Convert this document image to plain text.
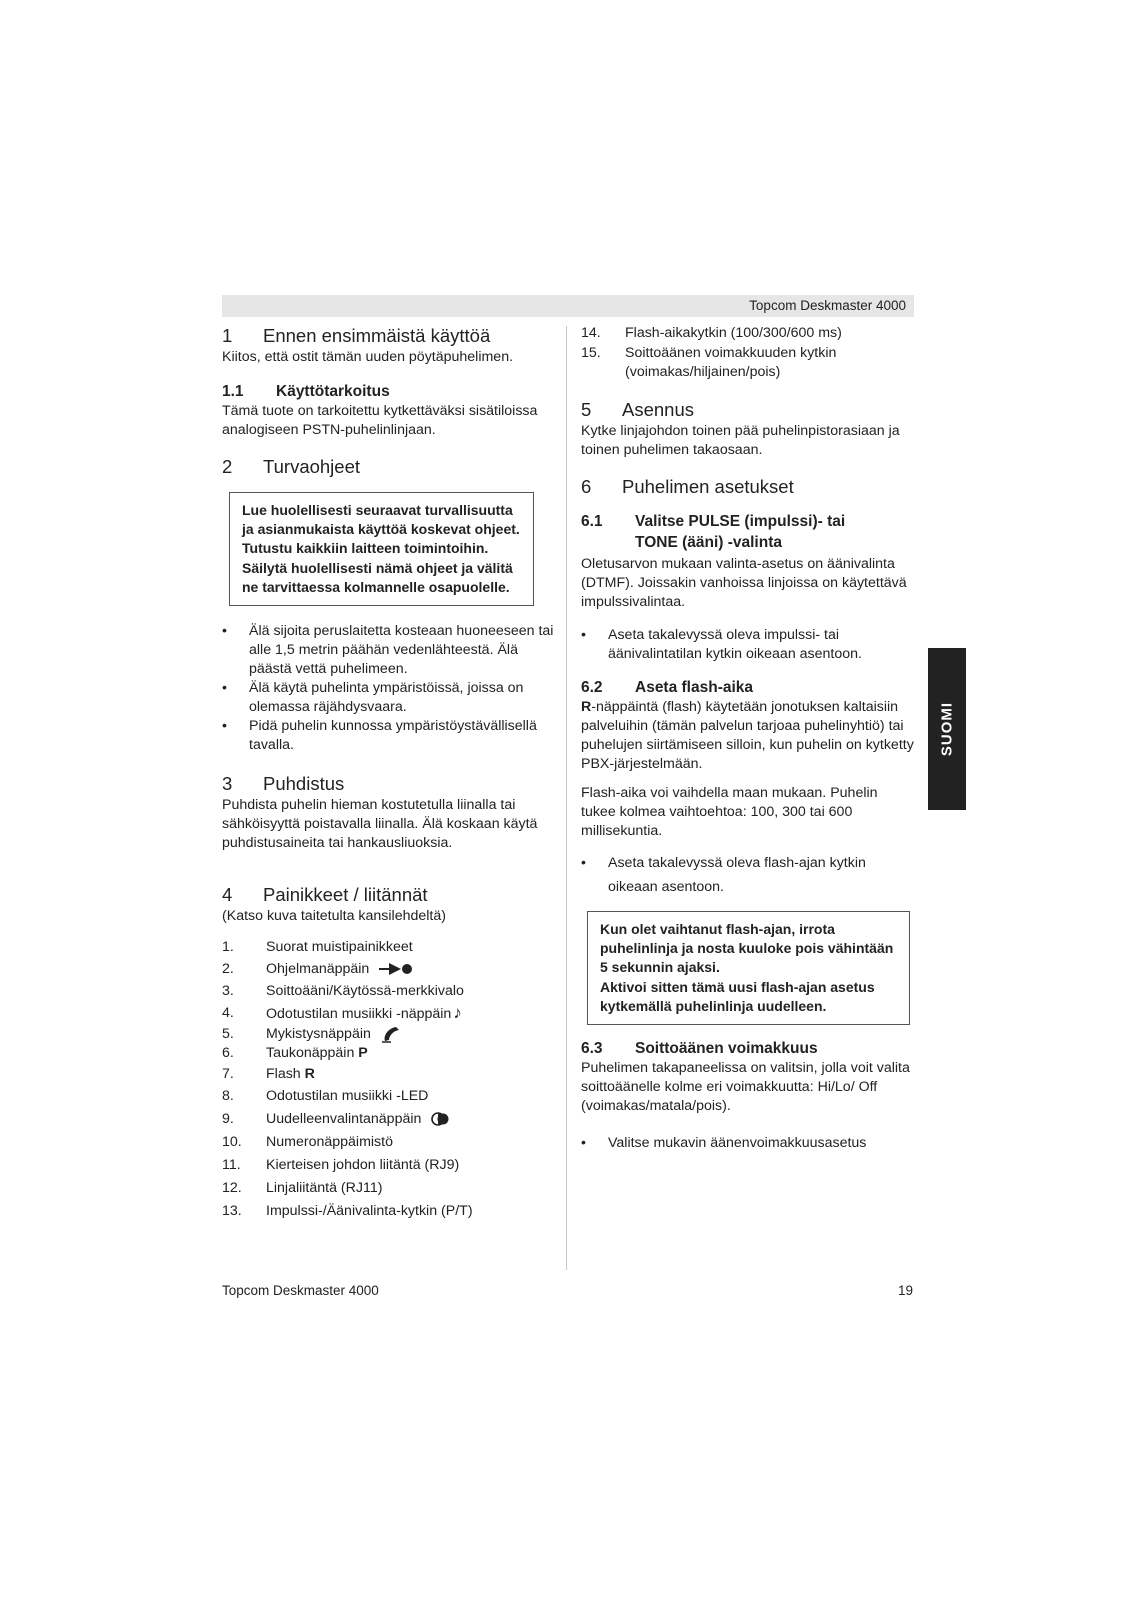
Topcom Deskmaster 4000
1 Ennen ensimmäistä käyttöä

Kiitos, että ostit tämän uuden pöytäpuhelimen.

1.1 Käyttötarkoitus

Tämä tuote on tarkoitettu kytkettäväksi sisätiloissa analogiseen PSTN-puhelinlinjaan.

2 Turvaohjeet
Lue huolellisesti seuraavat turvallisuutta ja asianmukaista käyttöä koskevat ohjeet. Tutustu kaikkiin laitteen toimintoihin. Säilytä huolellisesti nämä ohjeet ja välitä ne tarvittaessa kolmannelle osapuolelle.
• Älä sijoita peruslaitetta kosteaan huoneeseen tai alle 1,5 metrin päähän vedenlähteestä. Älä päästä vettä puhelimeen.
• Älä käytä puhelinta ympäristöissä, joissa on olemassa räjähdysvaara.
• Pidä puhelin kunnossa ympäristöystävällisellä tavalla.
3 Puhdistus

Puhdista puhelin hieman kostutetulla liinalla tai sähköisyyttä poistavalla liinalla. Älä koskaan käytä puhdistusaineita tai hankausliuoksia.

4 Painikkeet / liitännät

(Katso kuva taitetulta kansilehdeltä)

1. Suorat muistipainikkeet
2. Ohjelmanäppäin
3. Soittoääni/Käytössä-merkkivalo
4. Odotustilan musiikki -näppäin ♪
5. Mykistysnäppäin
6. Taukonäppäin P
7. Flash R
8. Odotustilan musiikki -LED
9. Uudelleenvalintanäppäin
10. Numeronäppäimistö
11. Kierteisen johdon liitäntä (RJ9)
12. Linjaliitäntä (RJ11)
13. Impulssi-/Äänivalinta-kytkin (P/T)
14. Flash-aikakytkin (100/300/600 ms)
15. Soittoäänen voimakkuuden kytkin (voimakas/hiljainen/pois)
5 Asennus

Kytke linjajohdon toinen pää puhelinpistorasiaan ja toinen puhelimen takaosaan.

6 Puhelimen asetukset
6.1 Valitse PULSE (impulssi)- tai
TONE (ääni) -valinta

Oletusarvon mukaan valinta-asetus on äänivalinta (DTMF). Joissakin vanhoissa linjoissa on käytettävä impulssivalintaa.

• Aseta takalevyssä oleva impulssi- tai äänivalintatilan kytkin oikeaan asentoon.
6.2 Aseta flash-aika

R-näppäintä (flash) käytetään jonotuksen kaltaisiin palveluihin (tämän palvelun tarjoaa puhelinyhtiö) tai puhelujen siirtämiseen silloin, kun puhelin on kytketty PBX-järjestelmään.

Flash-aika voi vaihdella maan mukaan. Puhelin tukee kolmea vaihtoehtoa: 100, 300 tai 600 millisekuntia.

• Aseta takalevyssä oleva flash-ajan kytkin oikeaan asentoon.
Kun olet vaihtanut flash-ajan, irrota puhelinlinja ja nosta kuuloke pois vähintään 5 sekunnin ajaksi.
Aktivoi sitten tämä uusi flash-ajan asetus kytkemällä puhelinlinja uudelleen.
6.3 Soittoäänen voimakkuus

Puhelimen takapaneelissa on valitsin, jolla voit valita soittoäänelle kolme eri voimakkuutta: Hi/Lo/ Off (voimakas/matala/pois).

• Valitse mukavin äänenvoimakkuusasetus
SUOMI
Topcom Deskmaster 4000	19
